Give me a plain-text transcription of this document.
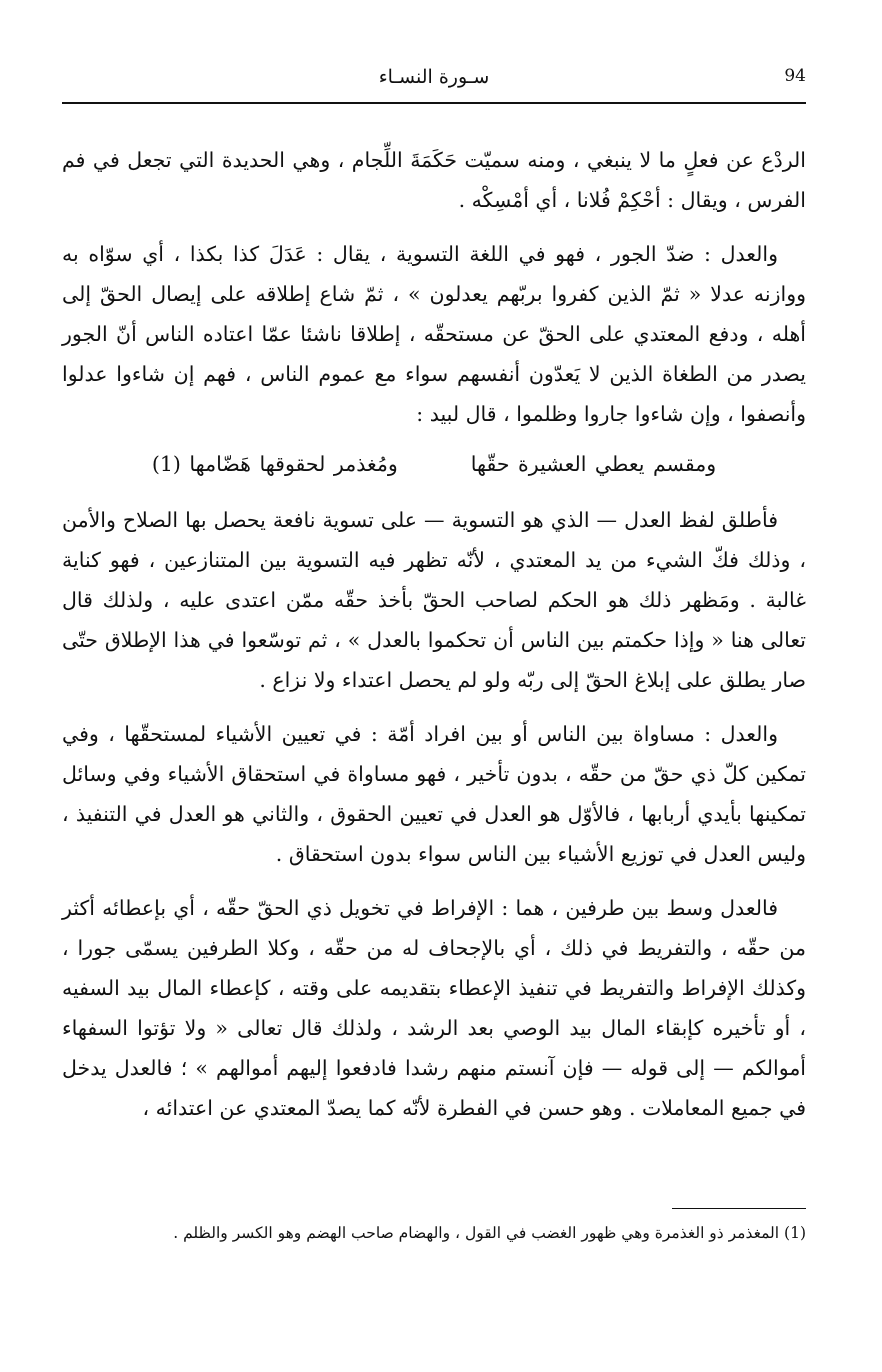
94
سـورة النسـاء

الردْع عن فعلٍ ما لا ينبغي ، ومنه سميّت حَكَمَةَ اللِّجام ، وهي الحديدة التي تجعل في فم الفرس ، ويقال : أحْكِمْ فُلانا ، أي أمْسِكْه .

والعدل : ضدّ الجور ، فهو في اللغة التسوية ، يقال : عَدَلَ كذا بكذا ، أي سوّاه به ووازنه عدلا « ثمّ الذين كفروا بربّهم يعدلون » ، ثمّ شاع إطلاقه على إيصال الحقّ إلى أهله ، ودفع المعتدي على الحقّ عن مستحقّه ، إطلاقا ناشئا عمّا اعتاده الناس أنّ الجور يصدر من الطغاة الذين لا يَعدّون أنفسهم سواء مع عموم الناس ، فهم إن شاءوا عدلوا وأنصفوا ، وإن شاءوا جاروا وظلموا ، قال لبيد :

ومقسم يعطي العشيرة حقّها  ومُغذمر لحقوقها هَضّامها (1)

فأطلق لفظ العدل — الذي هو التسوية — على تسوية نافعة يحصل بها الصلاح والأمن ، وذلك فكّ الشيء من يد المعتدي ، لأنّه تظهر فيه التسوية بين المتنازعين ، فهو كناية غالبة . ومَظهر ذلك هو الحكم لصاحب الحقّ بأخذ حقّه ممّن اعتدى عليه ، ولذلك قال تعالى هنا « وإذا حكمتم بين الناس أن تحكموا بالعدل » ، ثم توسّعوا في هذا الإطلاق حتّى صار يطلق على إبلاغ الحقّ إلى ربّه ولو لم يحصل اعتداء ولا نزاع .

والعدل : مساواة بين الناس أو بين افراد أمّة : في تعيين الأشياء لمستحقّها ، وفي تمكين كلّ ذي حقّ من حقّه ، بدون تأخير ، فهو مساواة في استحقاق الأشياء وفي وسائل تمكينها بأيدي أربابها ، فالأوّل هو العدل في تعيين الحقوق ، والثاني هو العدل في التنفيذ ، وليس العدل في توزيع الأشياء بين الناس سواء بدون استحقاق .

فالعدل وسط بين طرفين ، هما : الإفراط في تخويل ذي الحقّ حقّه ، أي بإعطائه أكثر من حقّه ، والتفريط في ذلك ، أي بالإجحاف له من حقّه ، وكلا الطرفين يسمّى جورا ، وكذلك الإفراط والتفريط في تنفيذ الإعطاء بتقديمه على وقته ، كإعطاء المال بيد السفيه ، أو تأخيره كإبقاء المال بيد الوصي بعد الرشد ، ولذلك قال تعالى « ولا تؤتوا السفهاء أموالكم — إلى قوله — فإن آنستم منهم رشدا فادفعوا إليهم أموالهم » ؛ فالعدل يدخل في جميع المعاملات . وهو حسن في الفطرة لأنّه كما يصدّ المعتدي عن اعتدائه ،

(1) المغذمر ذو الغذمرة وهي ظهور الغضب في القول ، والهضام صاحب الهضم وهو الكسر والظلم .
